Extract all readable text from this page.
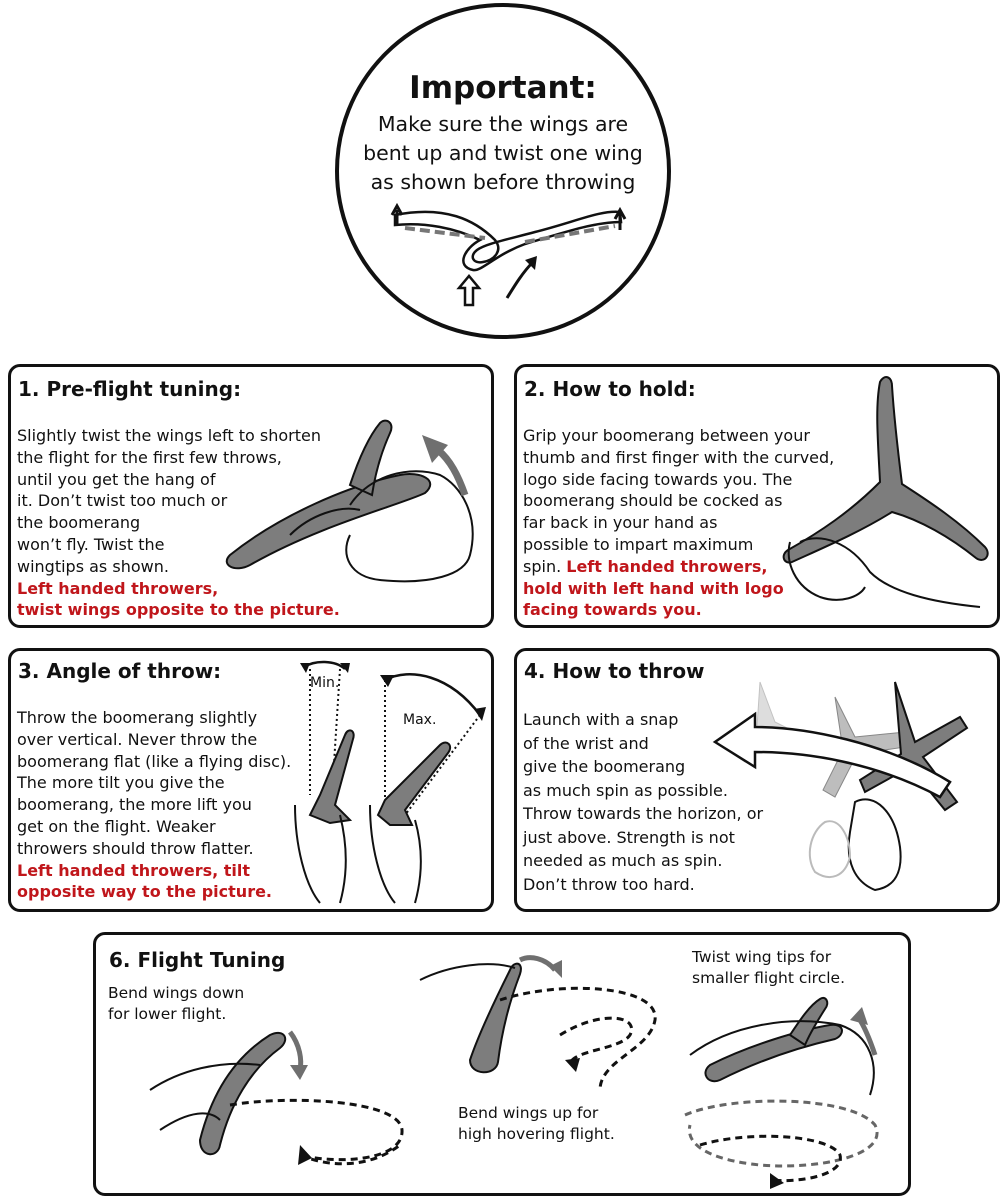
Important:
Make sure the wings are
bent up and twist one wing
as shown before throwing
1. Pre-flight tuning:
Slightly twist the wings left to shorten
the flight for the first few throws,
until you get the hang of
it. Don’t twist too much or
the boomerang
won’t fly. Twist the
wingtips as shown.
Left handed throwers,
twist wings opposite to the picture.
2. How to hold:
Grip your boomerang between your
thumb and first finger with the curved,
logo side facing towards you. The
boomerang should be cocked as
far back in your hand as
possible to impart maximum
spin. Left handed throwers,
hold with left hand with logo
facing towards you.
3. Angle of throw:
Throw the boomerang slightly
over vertical. Never throw the
boomerang flat (like a flying disc).
The more tilt you give the
boomerang, the more lift you
get on the flight. Weaker
throwers should throw flatter.
Left handed throwers, tilt
opposite way to the picture.
Min.
Max.
4. How to throw
Launch with a snap
of the wrist and
give the boomerang
as much spin as possible.
Throw towards the horizon, or
just above. Strength is not
needed as much as spin.
Don’t throw too hard.
6. Flight Tuning
Bend wings down
for lower flight.
Bend wings up for
high hovering flight.
Twist wing tips for
smaller flight circle.
